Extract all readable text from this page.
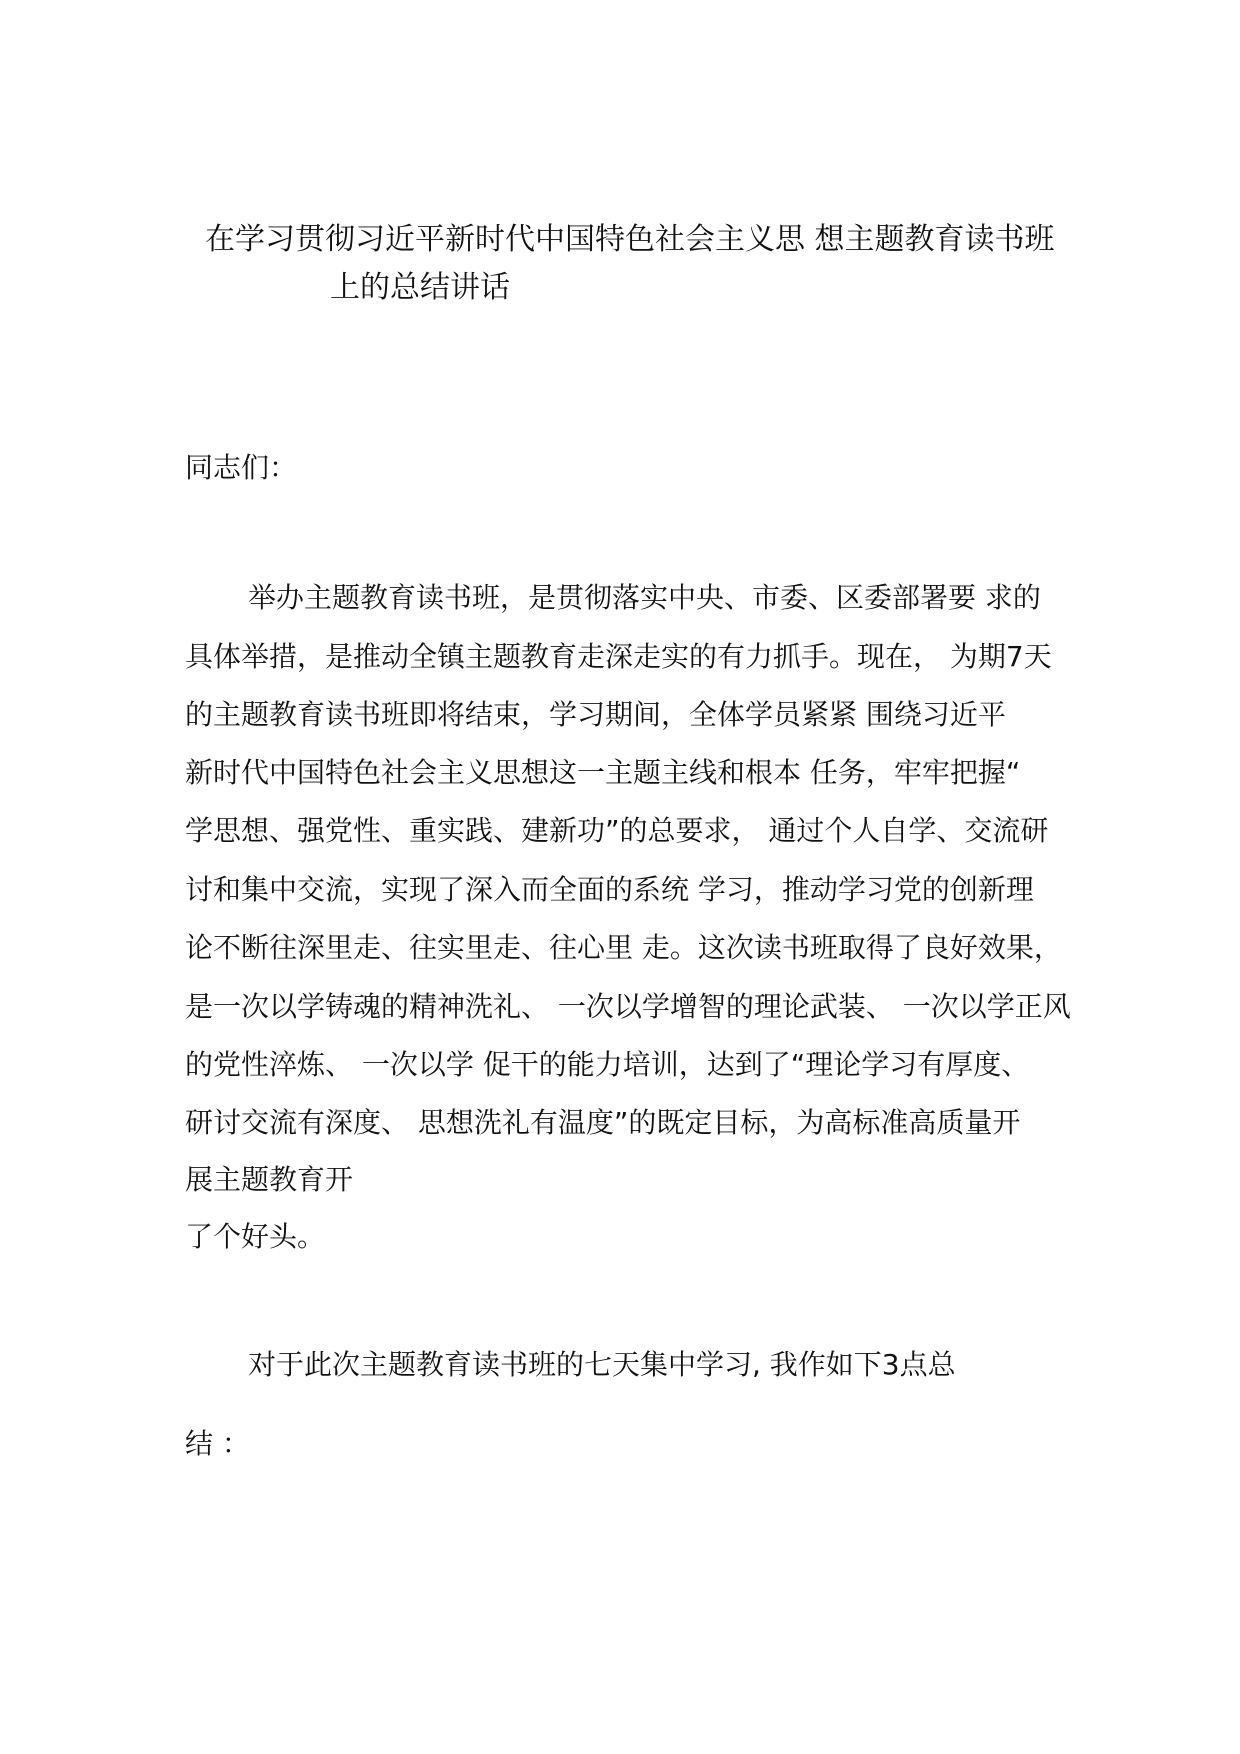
在学习贯彻习近平新时代中国特色社会主义思 想主题教育读书班
上的总结讲话
同志们：
举办主题教育读书班，是贯彻落实中央、市委、区委部署要 求的
具体举措，是推动全镇主题教育走深走实的有力抓手。现在， 为期7天
的主题教育读书班即将结束，学习期间，全体学员紧紧 围绕习近平
新时代中国特色社会主义思想这一主题主线和根本 任务，牢牢把握“
学思想、强党性、重实践、建新功”的总要求， 通过个人自学、交流研
讨和集中交流，实现了深入而全面的系统 学习，推动学习党的创新理
论不断往深里走、往实里走、往心里 走。这次读书班取得了良好效果，
是一次以学铸魂的精神洗礼、 一次以学增智的理论武装、 一次以学正风
的党性淬炼、 一次以学 促干的能力培训，达到了“理论学习有厚度、
研讨交流有深度、 思想洗礼有温度”的既定目标，为高标准高质量开
展主题教育开
了个好头。
对于此次主题教育读书班的七天集中学习, 我作如下3点总
结 ：
